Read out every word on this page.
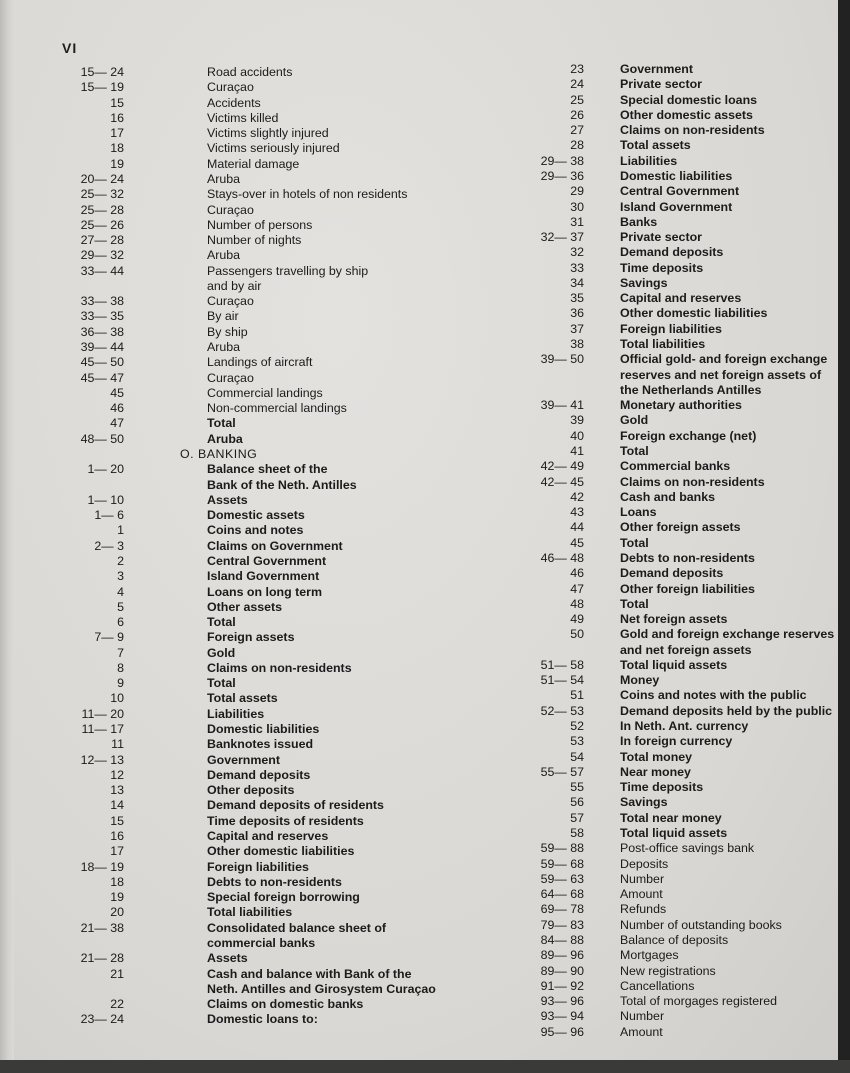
VI
15— 24	Road accidents
15— 19	Curaçao
15	Accidents
16	Victims killed
17	Victims slightly injured
18	Victims seriously injured
19	Material damage
20— 24	Aruba
25— 32	Stays-over in hotels of non residents
25— 28	Curaçao
25— 26	Number of persons
27— 28	Number of nights
29— 32	Aruba
33— 44	Passengers travelling by ship
and by air
33— 38	Curaçao
33— 35	By air
36— 38	By ship
39— 44	Aruba
45— 50	Landings of aircraft
45— 47	Curaçao
45	Commercial landings
46	Non-commercial landings
47	Total
48— 50	Aruba
O. BANKING
1— 20	Balance sheet of the
Bank of the Neth. Antilles
1— 10	Assets
1— 6	Domestic assets
1	Coins and notes
2— 3	Claims on Government
2	Central Government
3	Island Government
4	Loans on long term
5	Other assets
6	Total
7— 9	Foreign assets
7	Gold
8	Claims on non-residents
9	Total
10	Total assets
11— 20	Liabilities
11— 17	Domestic liabilities
11	Banknotes issued
12— 13	Government
12	Demand deposits
13	Other deposits
14	Demand deposits of residents
15	Time deposits of residents
16	Capital and reserves
17	Other domestic liabilities
18— 19	Foreign liabilities
18	Debts to non-residents
19	Special foreign borrowing
20	Total liabilities
21— 38	Consolidated balance sheet of
commercial banks
21— 28	Assets
21	Cash and balance with Bank of the
Neth. Antilles and Girosystem Curaçao
22	Claims on domestic banks
23— 24	Domestic loans to:
23	Government
24	Private sector
25	Special domestic loans
26	Other domestic assets
27	Claims on non-residents
28	Total assets
29— 38	Liabilities
29— 36	Domestic liabilities
29	Central Government
30	Island Government
31	Banks
32— 37	Private sector
32	Demand deposits
33	Time deposits
34	Savings
35	Capital and reserves
36	Other domestic liabilities
37	Foreign liabilities
38	Total liabilities
39— 50	Official gold- and foreign exchange
reserves and net foreign assets of
the Netherlands Antilles
39— 41	Monetary authorities
39	Gold
40	Foreign exchange (net)
41	Total
42— 49	Commercial banks
42— 45	Claims on non-residents
42	Cash and banks
43	Loans
44	Other foreign assets
45	Total
46— 48	Debts to non-residents
46	Demand deposits
47	Other foreign liabilities
48	Total
49	Net foreign assets
50	Gold and foreign exchange reserves
and net foreign assets
51— 58	Total liquid assets
51— 54	Money
51	Coins and notes with the public
52— 53	Demand deposits held by the public
52	In Neth. Ant. currency
53	In foreign currency
54	Total money
55— 57	Near money
55	Time deposits
56	Savings
57	Total near money
58	Total liquid assets
59— 88	Post-office savings bank
59— 68	Deposits
59— 63	Number
64— 68	Amount
69— 78	Refunds
79— 83	Number of outstanding books
84— 88	Balance of deposits
89— 96	Mortgages
89— 90	New registrations
91— 92	Cancellations
93— 96	Total of morgages registered
93— 94	Number
95— 96	Amount
